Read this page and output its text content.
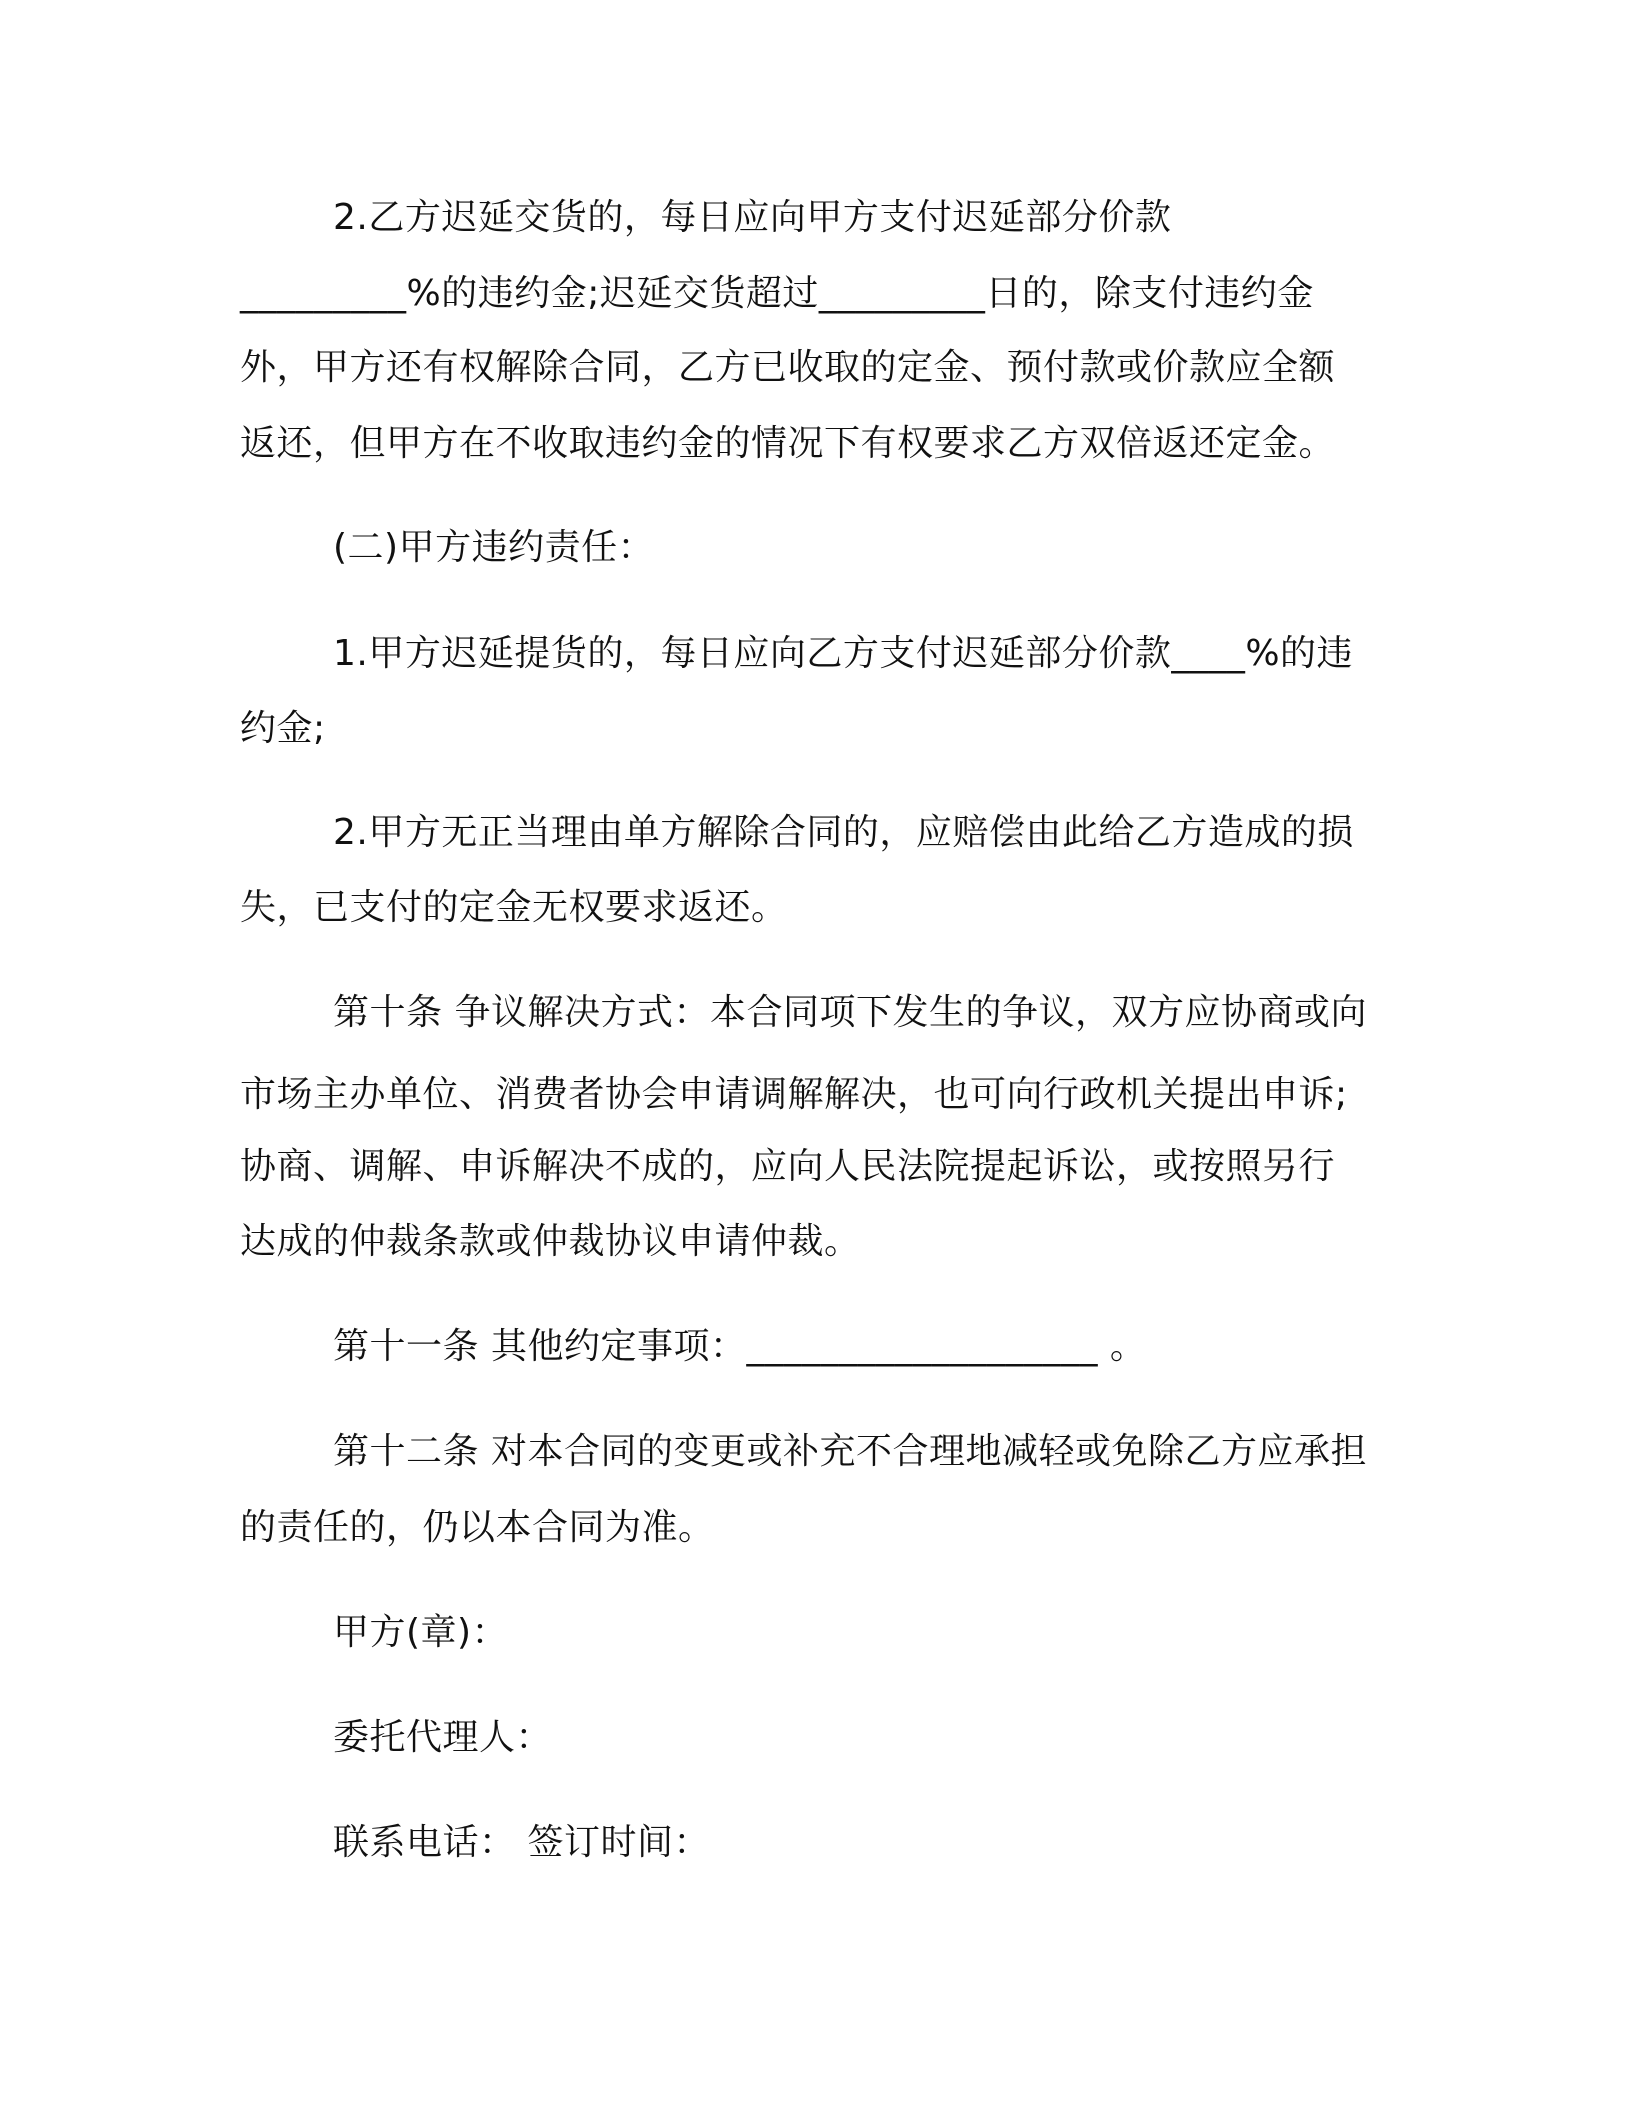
2.乙方迟延交货的，每日应向甲方支付迟延部分价款
_________%的违约金;迟延交货超过_________日的，除支付违约金
外，甲方还有权解除合同，乙方已收取的定金、预付款或价款应全额
返还，但甲方在不收取违约金的情况下有权要求乙方双倍返还定金。
(二)甲方违约责任：
1.甲方迟延提货的，每日应向乙方支付迟延部分价款____%的违
约金;
2.甲方无正当理由单方解除合同的，应赔偿由此给乙方造成的损
失，已支付的定金无权要求返还。
第十条 争议解决方式：本合同项下发生的争议，双方应协商或向
市场主办单位、消费者协会申请调解解决，也可向行政机关提出申诉;
协商、调解、申诉解决不成的，应向人民法院提起诉讼，或按照另行
达成的仲裁条款或仲裁协议申请仲裁。
第十一条 其他约定事项：___________________ 。
第十二条 对本合同的变更或补充不合理地减轻或免除乙方应承担
的责任的，仍以本合同为准。
甲方(章)：
委托代理人：
联系电话： 签订时间：
